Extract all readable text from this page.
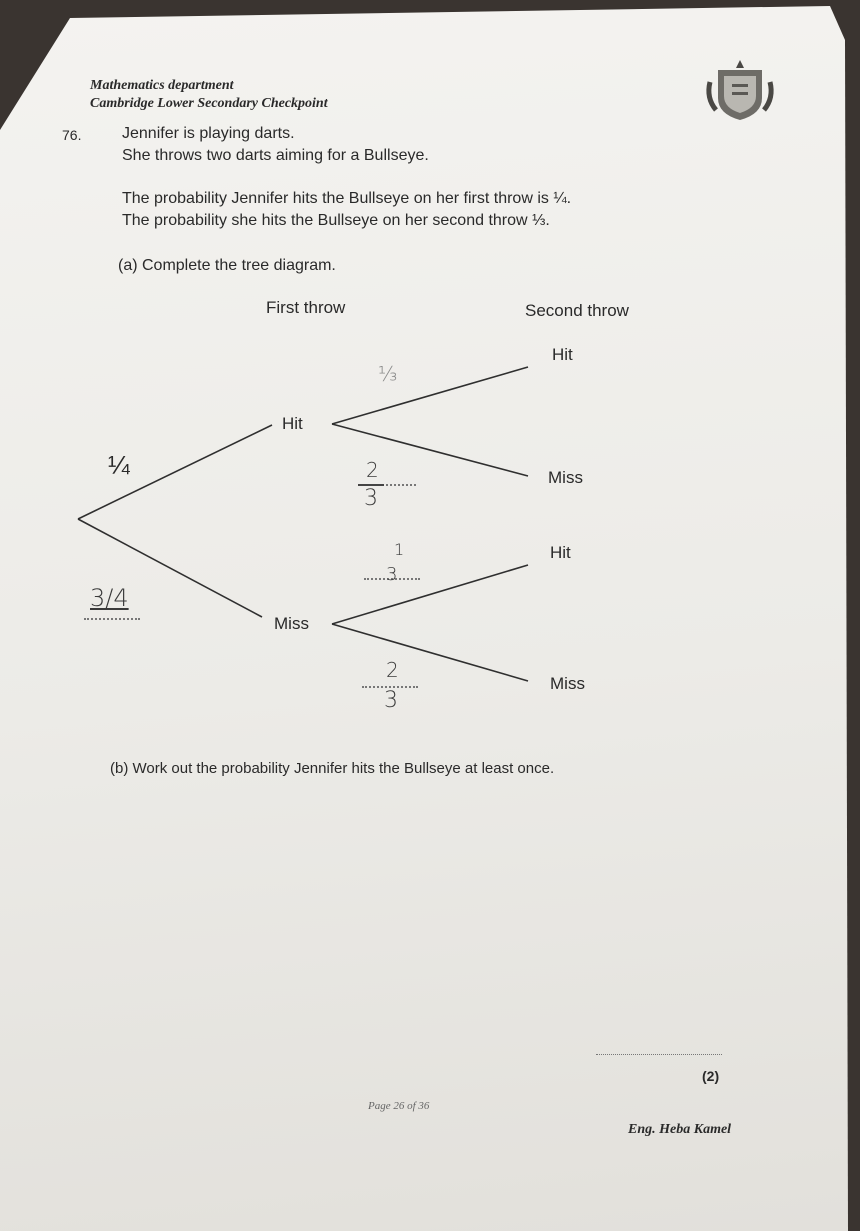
Mathematics department
Cambridge Lower Secondary Checkpoint
76.	Jennifer is playing darts.
She throws two darts aiming for a Bullseye.
The probability Jennifer hits the Bullseye on her first throw is ¼.
The probability she hits the Bullseye on her second throw ⅓.
(a) Complete the tree diagram.
First throw	Second throw
Hit
Miss
Hit
Miss
Hit
Miss
¼
⅓
3/4
2
3
1
3
2
3
(b) Work out the probability Jennifer hits the Bullseye at least once.
(2)
Page 26 of 36
Eng. Heba Kamel
